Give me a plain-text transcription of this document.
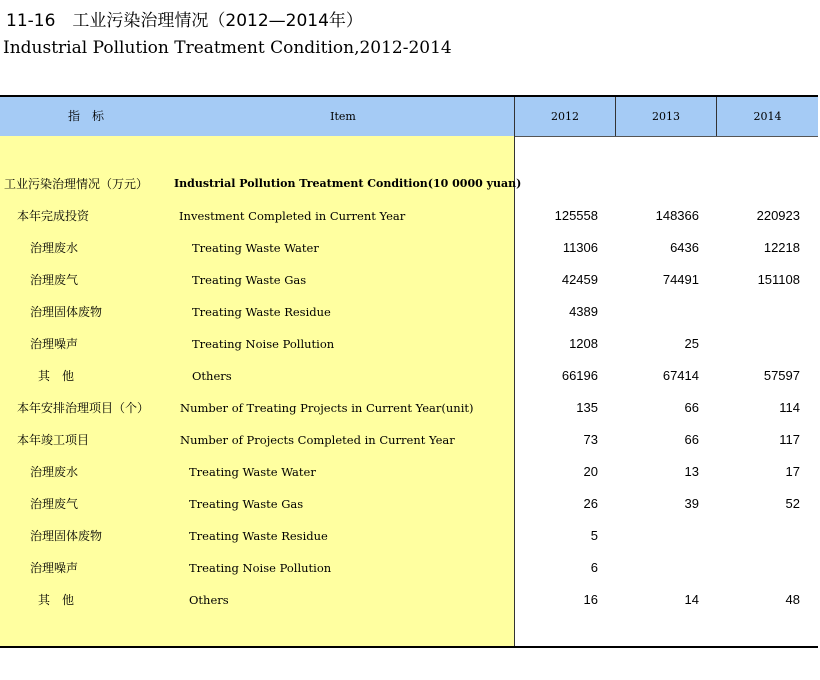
11-16　工业污染治理情况（2012—2014年）
Industrial Pollution Treatment Condition,2012-2014
指　标	Item	2012	2013	2014
工业污染治理情况（万元） Industrial Pollution Treatment Condition(10 0000 yuan)
本年完成投资	Investment Completed in Current Year	125558	148366	220923
治理废水	Treating Waste Water	11306	6436	12218
治理废气	Treating Waste Gas	42459	74491	151108
治理固体废物	Treating Waste Residue	4389
治理噪声	Treating Noise Pollution	1208	25
其　他	Others	66196	67414	57597
本年安排治理项目（个）	Number of Treating Projects in Current Year(unit)	135	66	114
本年竣工项目	Number of Projects Completed in Current Year	73	66	117
治理废水	Treating Waste Water	20	13	17
治理废气	Treating Waste Gas	26	39	52
治理固体废物	Treating Waste Residue	5
治理噪声	Treating Noise Pollution	6
其　他	Others	16	14	48
